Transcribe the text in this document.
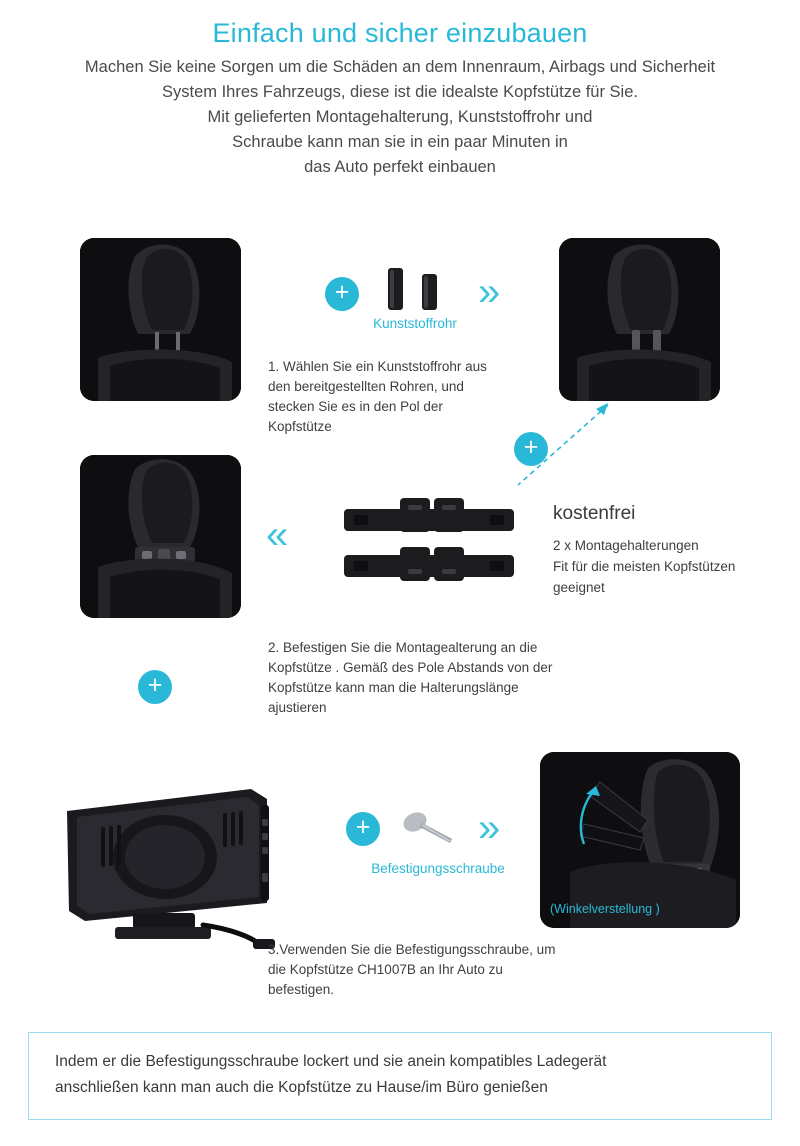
Einfach und sicher einzubauen

Machen Sie keine Sorgen um die Schäden an dem Innenraum, Airbags und Sicherheit

System Ihres Fahrzeugs, diese ist die idealste Kopfstütze für Sie.

Mit gelieferten Montagehalterung, Kunststoffrohr und

Schraube kann man sie in ein paar Minuten in

das Auto perfekt einbauen

+
Kunststoffrohr
»
1. Wählen Sie ein Kunststoffrohr aus den bereitgestellten Rohren, und stecken Sie es in den Pol der Kopfstütze
+
«	kostenfrei
2 x Montagehalterungen
Fit für die meisten Kopfstützen
geeignet
+
2. Befestigen Sie die Montagealterung an die Kopfstütze . Gemäß des Pole Abstands von der Kopfstütze kann man die Halterungslänge ajustieren
+
Befestigungsschraube
»
(Winkelverstellung )
3.Verwenden Sie die Befestigungsschraube, um die Kopfstütze CH1007B an Ihr Auto zu befestigen.

Indem er die Befestigungsschraube lockert und sie anein kompatibles Ladegerät

anschließen kann man auch die Kopfstütze zu Hause/im Büro genießen
